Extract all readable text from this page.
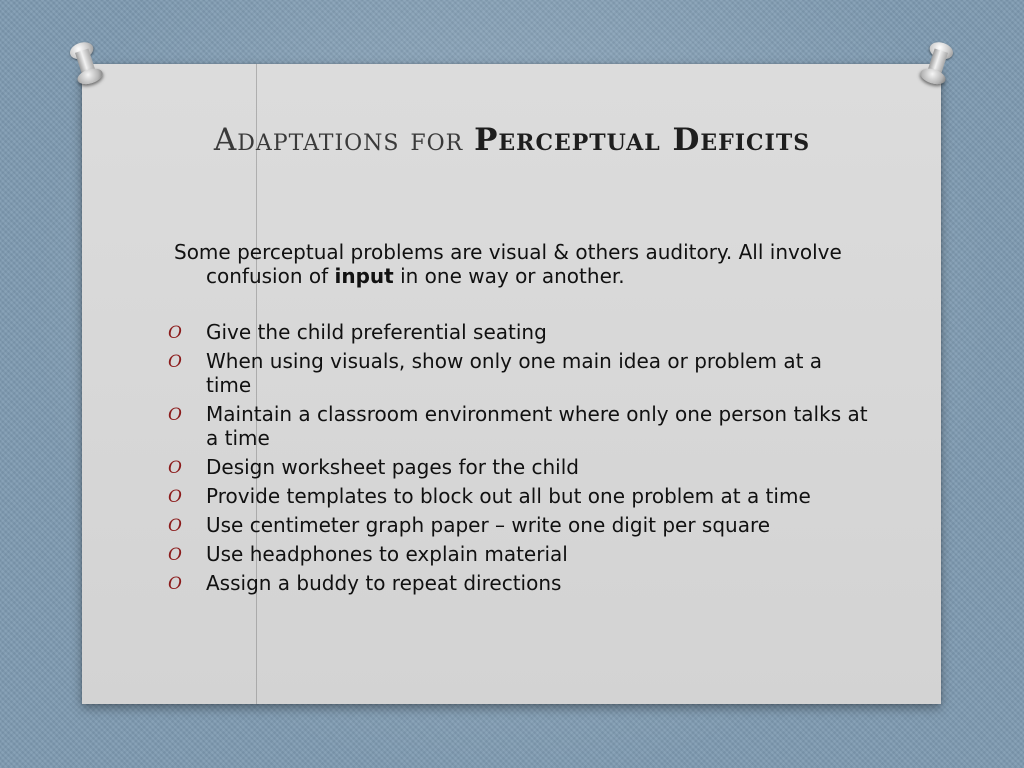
Adaptations for Perceptual Deficits
Some perceptual problems are visual & others auditory. All involve confusion of input in one way or another.
O Give the child preferential seating
O When using visuals, show only one main idea or problem at a time
O Maintain a classroom environment where only one person talks at a time
O Design worksheet pages for the child
O Provide templates to block out all but one problem at a time
O Use centimeter graph paper – write one digit per square
O Use headphones to explain material
O Assign a buddy to repeat directions
